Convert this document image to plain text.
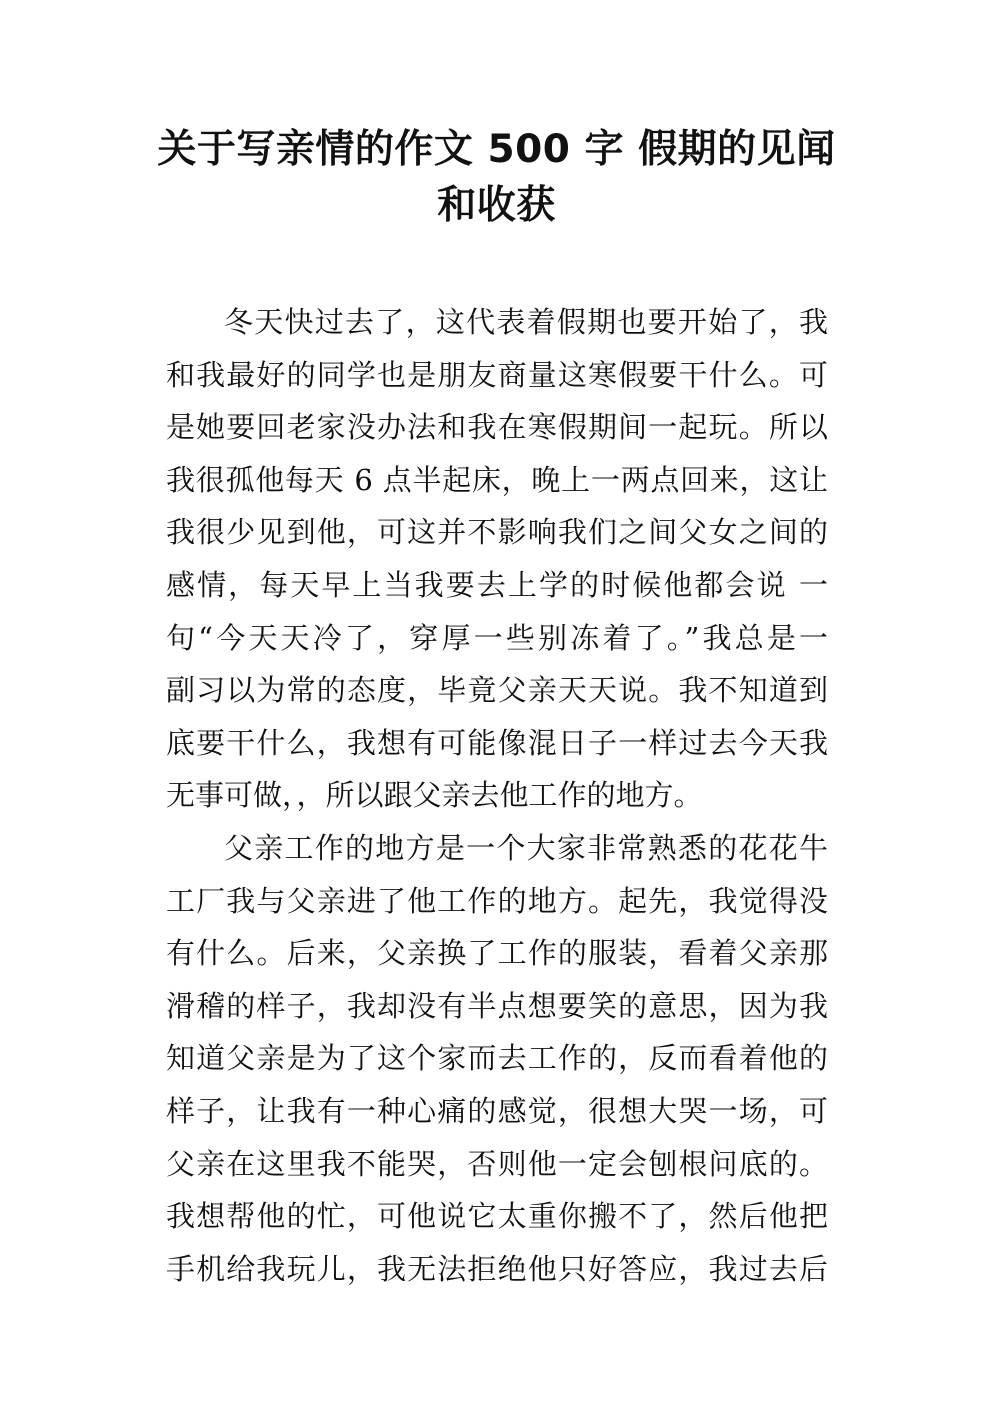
关于写亲情的作文 500 字 假期的见闻
和收获
冬天快过去了，这代表着假期也要开始了，我
和我最好的同学也是朋友商量这寒假要干什么。可
是她要回老家没办法和我在寒假期间一起玩。所以
我很孤他每天 6 点半起床，晚上一两点回来，这让
我很少见到他，可这并不影响我们之间父女之间的
感情，每天早上当我要去上学的时候他都会说 一
句“今天天冷了，穿厚一些别冻着了。”我总是一
副习以为常的态度，毕竟父亲天天说。我不知道到
底要干什么，我想有可能像混日子一样过去今天我
无事可做，，所以跟父亲去他工作的地方。
父亲工作的地方是一个大家非常熟悉的花花牛
工厂我与父亲进了他工作的地方。起先，我觉得没
有什么。后来，父亲换了工作的服装，看着父亲那
滑稽的样子，我却没有半点想要笑的意思，因为我
知道父亲是为了这个家而去工作的，反而看着他的
样子，让我有一种心痛的感觉，很想大哭一场，可
父亲在这里我不能哭，否则他一定会刨根问底的。
我想帮他的忙，可他说它太重你搬不了，然后他把
手机给我玩儿，我无法拒绝他只好答应，我过去后
